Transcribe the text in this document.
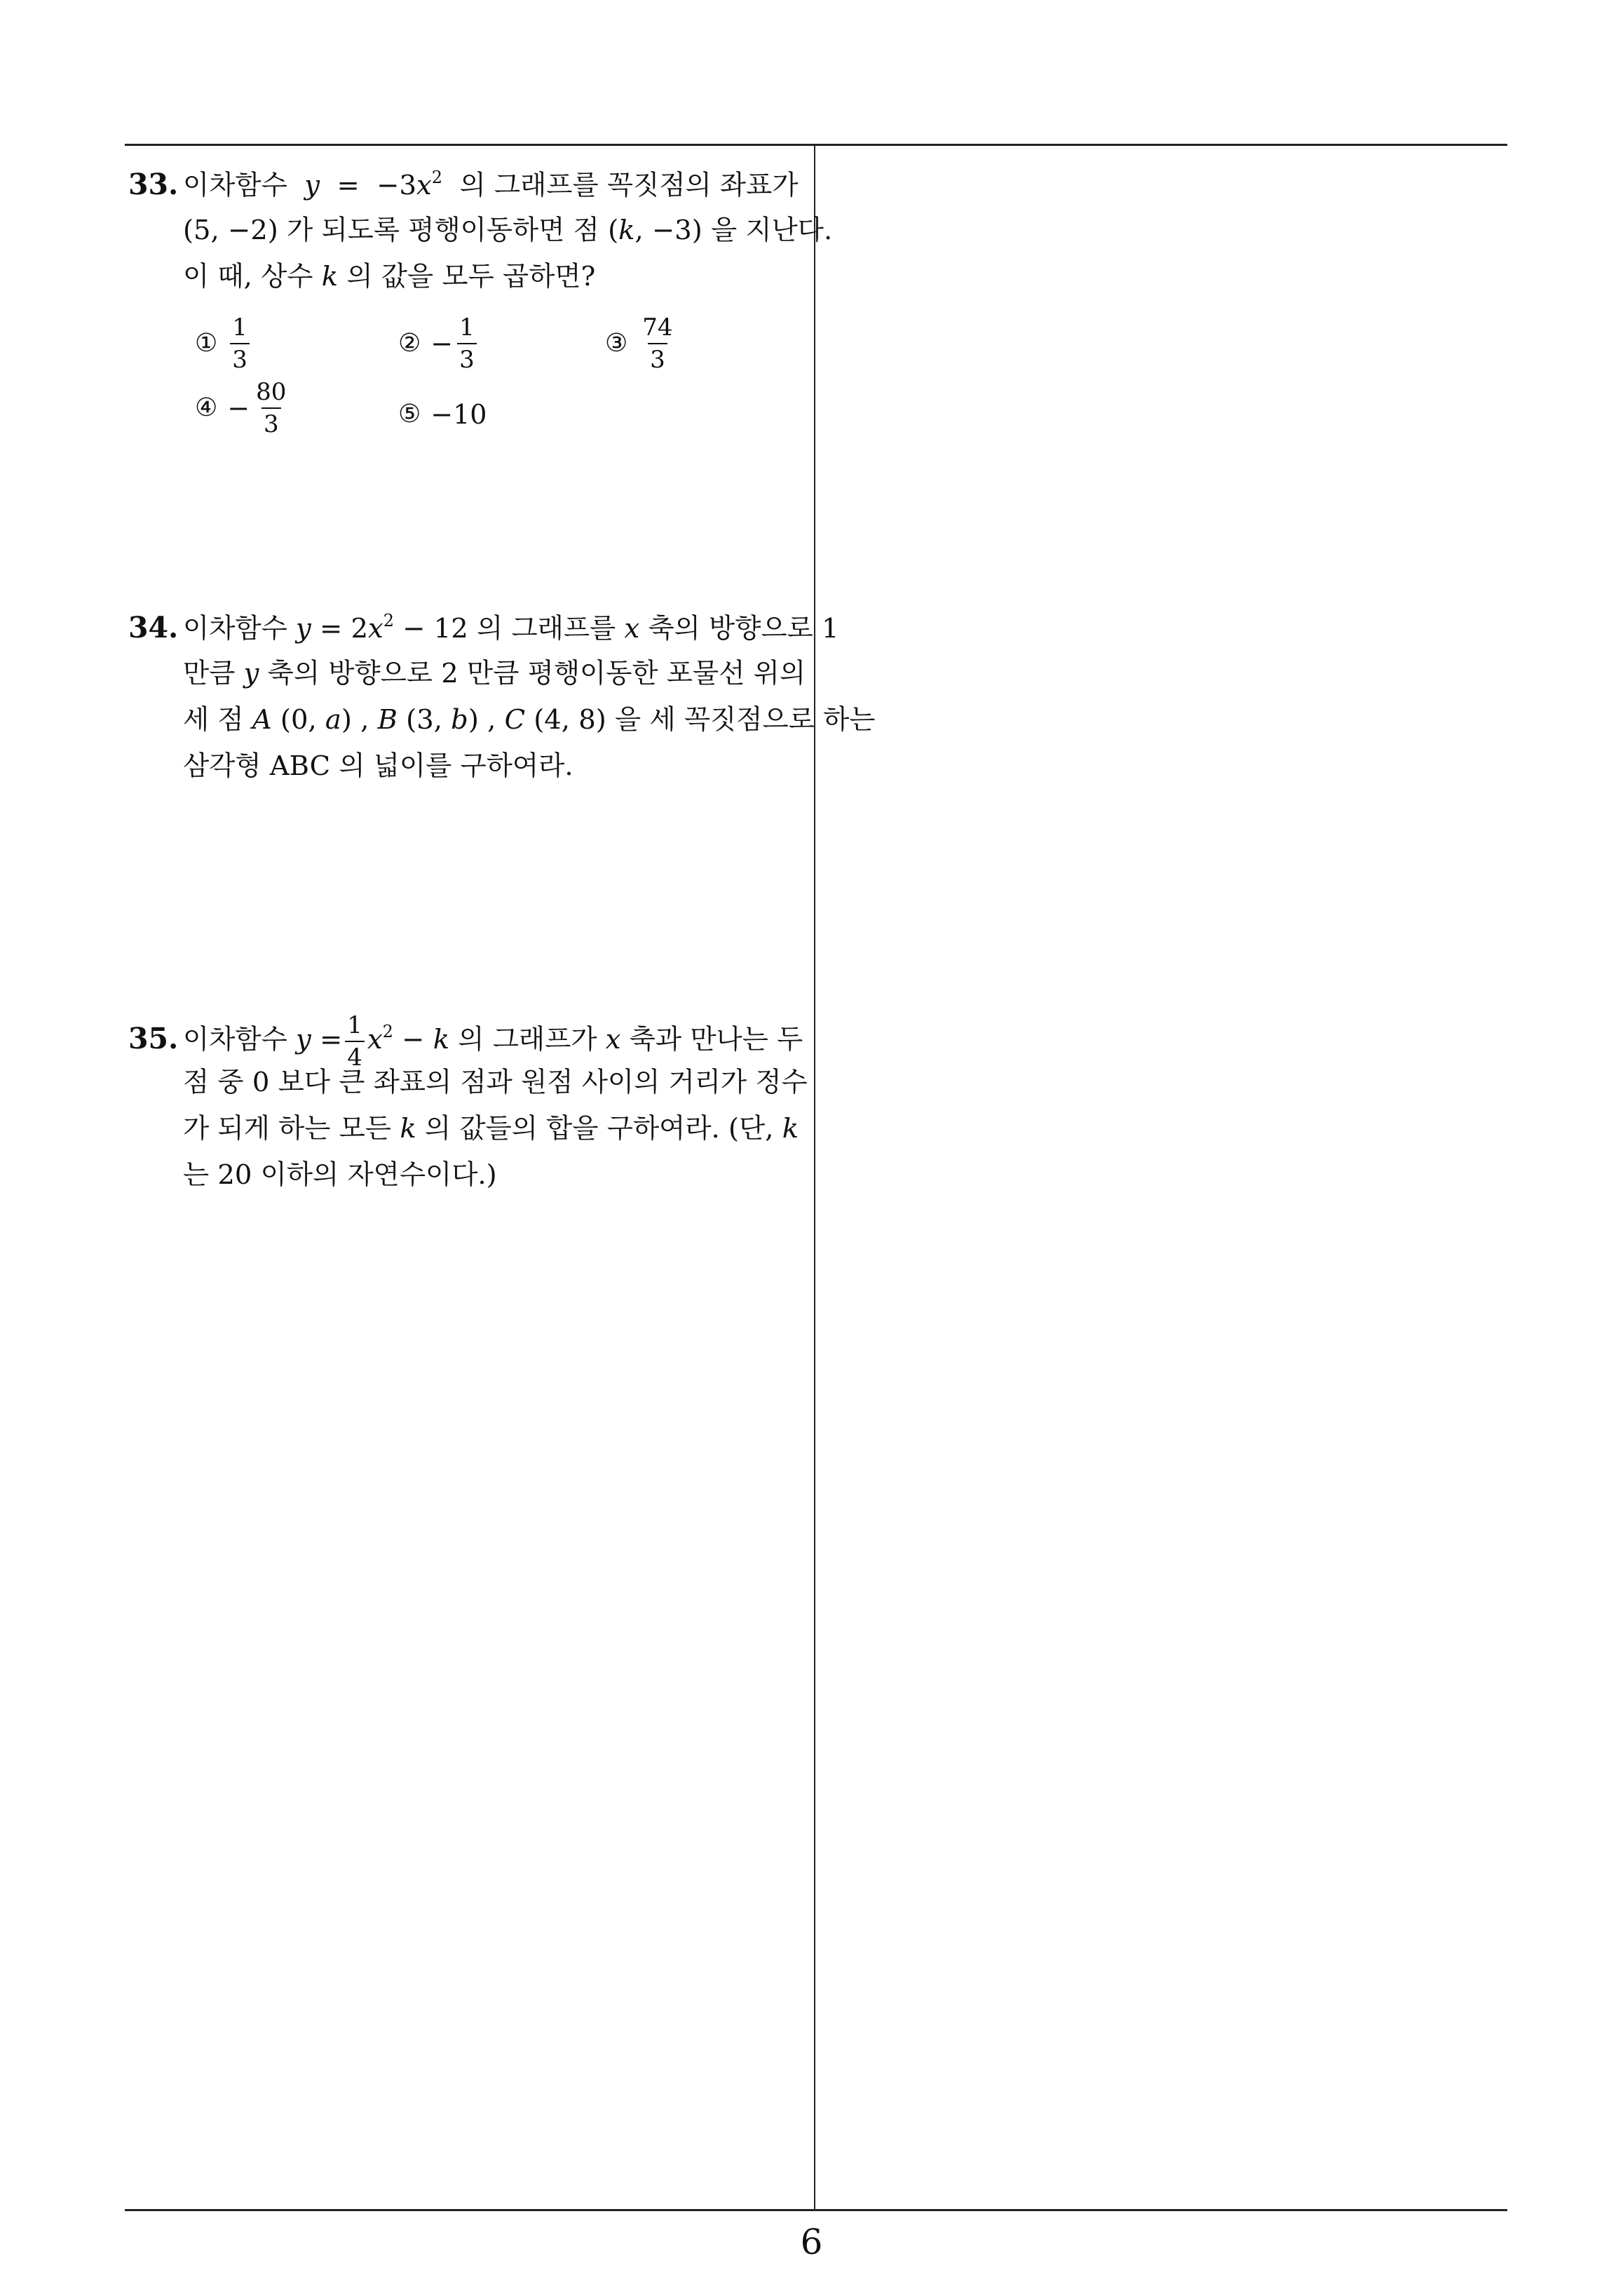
6
33. 이차함수 $y = -3x^2$ 의 그래프를 꼭짓점의 좌표가
(5, −2) 가 되도록 평행이동하면 점 (k, −3) 을 지난다.
이 때, 상수 k 의 값을 모두 곱하면?
① $\frac{1}{3}$	② − $\frac{1}{3}$	③ $\frac{74}{3}$
④ − $\frac{80}{3}$	⑤ −10
34. 이차함수 $y = 2x^2 - 12$ 의 그래프를 x 축의 방향으로 1
만큼 y 축의 방향으로 2 만큼 평행이동한 포물선 위의
세 점 A (0, a) , B (3, b) , C (4, 8) 을 세 꼭짓점으로 하는
삼각형 ABC 의 넓이를 구하여라.
35. 이차함수 $y = \frac{1}{4} x^2 - k$ 의 그래프가 x 축과 만나는 두
점 중 0 보다 큰 좌표의 점과 원점 사이의 거리가 정수
가 되게 하는 모든 k 의 값들의 합을 구하여라. (단, k
는 20 이하의 자연수이다.)
